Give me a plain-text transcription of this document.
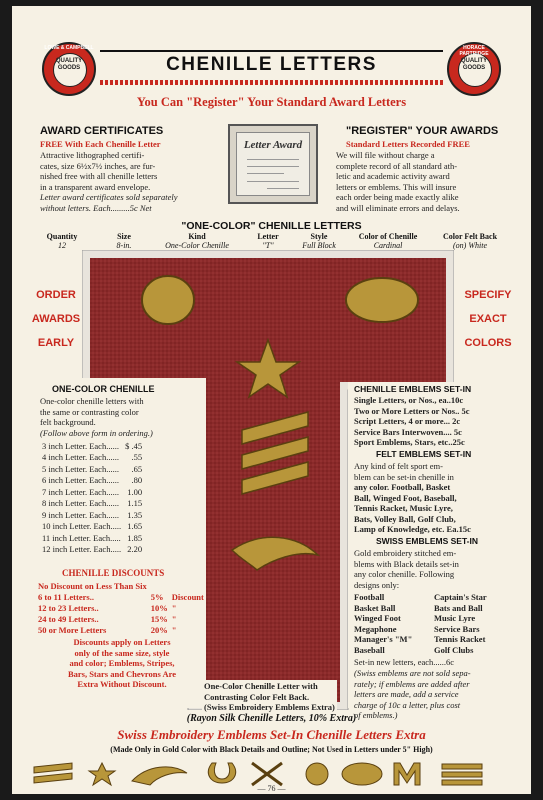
LOWE & CAMPBELL
QUALITY GOODS
HORACE PARTRIDGE
QUALITY GOODS
CHENILLE LETTERS
You Can "Register" Your Standard Award Letters
AWARD CERTIFICATES
FREE With Each Chenille Letter
Attractive lithographed certifi-
cates, size 6½x7½ inches, are fur-
nished free with all chenille letters
in a transparent award envelope.
Letter award certificates sold separately
without letters. Each.........5c Net
Letter Award
"REGISTER" YOUR AWARDS
Standard Letters Recorded FREE
We will file without charge a
complete record of all standard ath-
letic and academic activity award
letters or emblems. This will insure
each order being made exactly alike
and will eliminate errors and delays.
"ONE-COLOR" CHENILLE LETTERS
Quantity
12
Size
8-in.
Kind
One-Color Chenille
Letter
"T"
Style
Full Block
Color of Chenille
Cardinal
Color Felt Back
(on) White
ORDER
AWARDS
EARLY
SPECIFY
EXACT
COLORS
ONE-COLOR CHENILLE
One-color chenille letters with
the same or contrasting color
felt background.
(Follow above form in ordering.)
3 inch Letter. Each......	$ .45
4 inch Letter. Each......	.55
5 inch Letter. Each......	.65
6 inch Letter. Each......	.80
7 inch Letter. Each......	1.00
8 inch Letter. Each......	1.15
9 inch Letter. Each......	1.35
10 inch Letter. Each.....	1.65
11 inch Letter. Each.....	1.85
12 inch Letter. Each.....	2.20
CHENILLE DISCOUNTS
No Discount on Less Than Six		
6 to 11 Letters..	5%	Discount
12 to 23 Letters..	10%	"
24 to 49 Letters..	15%	"
50 or More Letters	20%	"
Discounts apply on Letters
only of the same size, style
and color; Emblems, Stripes,
Bars, Stars and Chevrons Are
Extra Without Discount.
CHENILLE EMBLEMS SET-IN
Single Letters, or Nos., ea..10c
Two or More Letters or Nos.. 5c
Script Letters, 4 or more... 2c
Service Bars Interwoven.... 5c
Sport Emblems, Stars, etc..25c
FELT EMBLEMS SET-IN
Any kind of felt sport em-
blem can be set-in chenille in
any color. Football, Basket
Ball, Winged Foot, Baseball,
Tennis Racket, Music Lyre,
Bats, Volley Ball, Golf Club,
Lamp of Knowledge, etc. Ea.15c
SWISS EMBLEMS SET-IN
Gold embroidery stitched em-
blems with Black details set-in
any color chenille. Following
designs only:
Football	Captain's Star
Basket Ball	Bats and Ball
Winged Foot	Music Lyre
Megaphone	Service Bars
Manager's "M"	Tennis Racket
Baseball	Golf Clubs
Set-in new letters, each......6c
(Swiss emblems are not sold sepa-
rately; if emblems are added after
letters are made, add a service
charge of 10c a letter, plus cost
of emblems.)
One-Color Chenille Letter with
Contrasting Color Felt Back.
(Swiss Embroidery Emblems Extra)
(Rayon Silk Chenille Letters, 10% Extra)
Swiss Embroidery Emblems Set-In Chenille Letters Extra
(Made Only in Gold Color with Black Details and Outline; Not Used in Letters under 5" High)
— 76 —
